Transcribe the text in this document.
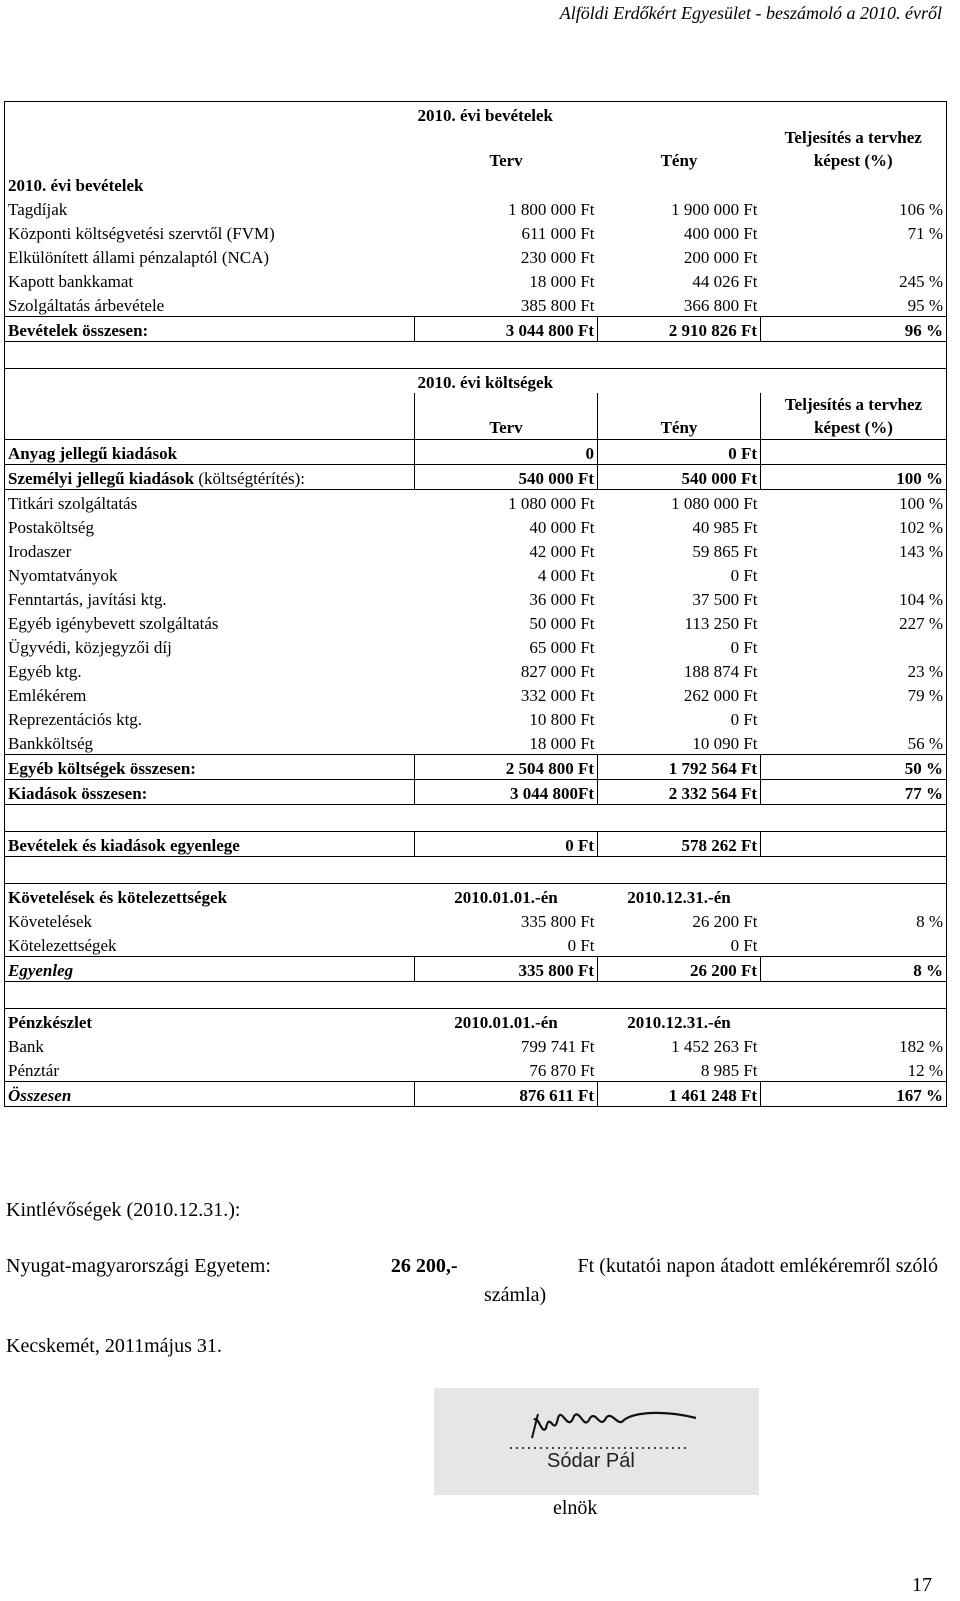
Alföldi Erdőkért Egyesület - beszámoló a 2010. évről
	2010. évi bevételek		
	Terv	Tény	Teljesítés a tervhez
képest (%)

2010. évi bevételek			
Tagdíjak	1 800 000 Ft	1 900 000 Ft	106 %
Központi költségvetési szervtől (FVM)	611 000 Ft	400 000 Ft	71 %
Elkülönített állami pénzalaptól (NCA)	230 000 Ft	200 000 Ft	
Kapott bankkamat	18 000 Ft	44 026 Ft	245 %
Szolgáltatás árbevétele	385 800 Ft	366 800 Ft	95 %
Bevételek összesen:	3 044 800 Ft	2 910 826 Ft	96 %

	2010. évi költségek		
	Terv	Tény	Teljesítés a tervhez
képest (%)

Anyag jellegű kiadások	0	0 Ft	
Személyi jellegű kiadások (költségtérítés):	540 000 Ft	540 000 Ft	100 %
Titkári szolgáltatás	1 080 000 Ft	1 080 000 Ft	100 %
Postaköltség	40 000 Ft	40 985 Ft	102 %
Irodaszer	42 000 Ft	59 865 Ft	143 %
Nyomtatványok	4 000 Ft	0 Ft	
Fenntartás, javítási ktg.	36 000 Ft	37 500 Ft	104 %
Egyéb igénybevett szolgáltatás	50 000 Ft	113 250 Ft	227 %
Ügyvédi, közjegyzői díj	65 000 Ft	0 Ft	
Egyéb ktg.	827 000 Ft	188 874 Ft	23 %
Emlékérem	332 000 Ft	262 000 Ft	79 %
Reprezentációs ktg.	10 800 Ft	0 Ft	
Bankköltség	18 000 Ft	10 090 Ft	56 %
Egyéb költségek összesen:	2 504 800 Ft	1 792 564 Ft	50 %
Kiadások összesen:	3 044 800Ft	2 332 564 Ft	77 %

Bevételek és kiadások egyenlege	0 Ft	578 262 Ft	

Követelések és kötelezettségek	2010.01.01.-én	2010.12.31.-én	
Követelések	335 800 Ft	26 200 Ft	8 %
Kötelezettségek	0 Ft	0 Ft	
Egyenleg	335 800 Ft	26 200 Ft	8 %

Pénzkészlet	2010.01.01.-én	2010.12.31.-én	
Bank	799 741 Ft	1 452 263 Ft	182 %
Pénztár	76 870 Ft	8 985 Ft	12 %
Összesen	876 611 Ft	1 461 248 Ft	167 %
Kintlévőségek (2010.12.31.):
Nyugat-magyarországi Egyetem:	26 200,-	Ft (kutatói napon átadott emlékéremről szóló
számla)
Kecskemét, 2011május 31.
Sódar Pál
elnök
17
